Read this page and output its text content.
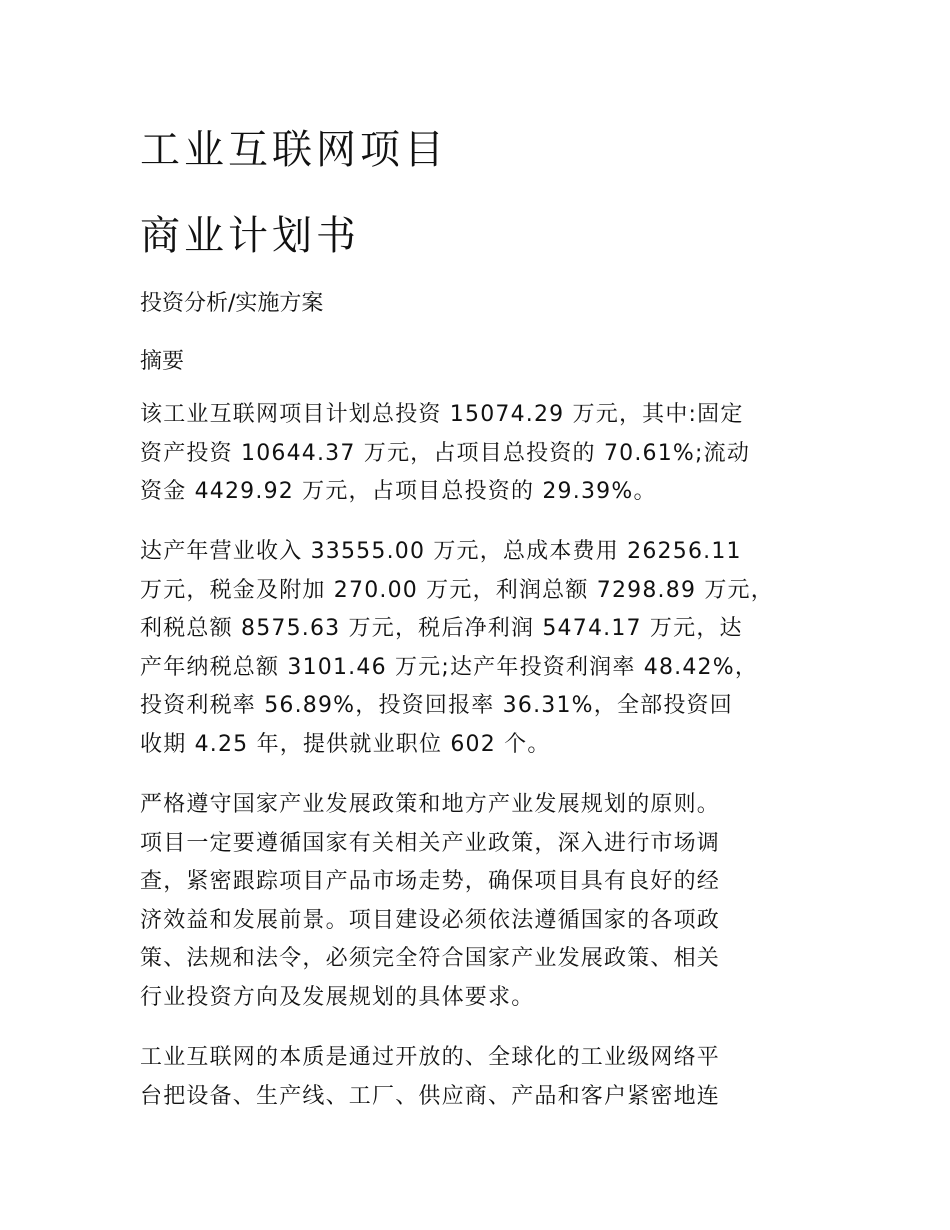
工业互联网项目
商业计划书
投资分析/实施方案
摘要
该工业互联网项目计划总投资 15074.29 万元，其中:固定
资产投资 10644.37 万元，占项目总投资的 70.61%;流动
资金 4429.92 万元，占项目总投资的 29.39%。
达产年营业收入 33555.00 万元，总成本费用 26256.11
万元，税金及附加 270.00 万元，利润总额 7298.89 万元，
利税总额 8575.63 万元，税后净利润 5474.17 万元，达
产年纳税总额 3101.46 万元;达产年投资利润率 48.42%，
投资利税率 56.89%，投资回报率 36.31%，全部投资回
收期 4.25 年，提供就业职位 602 个。
严格遵守国家产业发展政策和地方产业发展规划的原则。
项目一定要遵循国家有关相关产业政策，深入进行市场调
查，紧密跟踪项目产品市场走势，确保项目具有良好的经
济效益和发展前景。项目建设必须依法遵循国家的各项政
策、法规和法令，必须完全符合国家产业发展政策、相关
行业投资方向及发展规划的具体要求。
工业互联网的本质是通过开放的、全球化的工业级网络平
台把设备、生产线、工厂、供应商、产品和客户紧密地连
